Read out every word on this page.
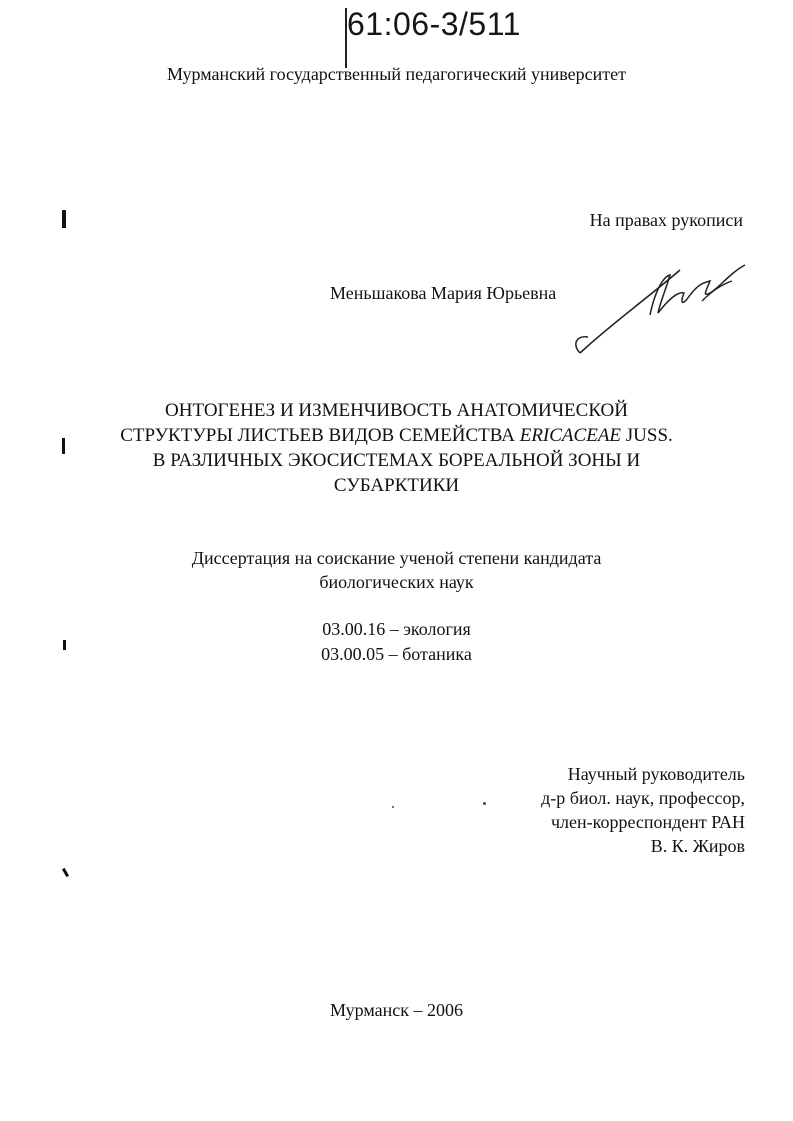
61:06-3/511
Мурманский государственный педагогический университет
На правах рукописи
Меньшакова Мария Юрьевна
ОНТОГЕНЕЗ И ИЗМЕНЧИВОСТЬ АНАТОМИЧЕСКОЙ
СТРУКТУРЫ ЛИСТЬЕВ ВИДОВ СЕМЕЙСТВА ERICACEAE JUSS.
В РАЗЛИЧНЫХ ЭКОСИСТЕМАХ БОРЕАЛЬНОЙ ЗОНЫ И
СУБАРКТИКИ
Диссертация на соискание ученой степени кандидата
биологических наук
03.00.16 – экология
03.00.05 – ботаника
Научный руководитель
д-р биол. наук, профессор,
член-корреспондент РАН
В. К. Жиров
Мурманск – 2006
